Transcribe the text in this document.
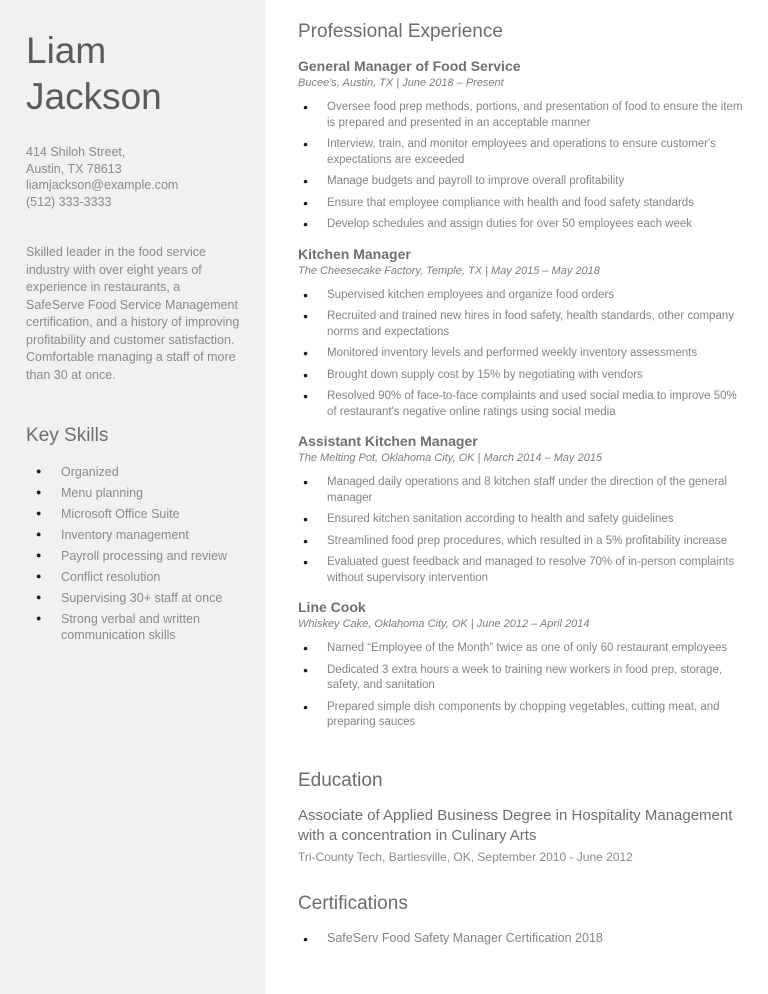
Liam
Jackson
414 Shiloh Street,
Austin, TX 78613
liamjackson@example.com
(512) 333-3333

Skilled leader in the food service industry with over eight years of experience in restaurants, a SafeServe Food Service Management certification, and a history of improving profitability and customer satisfaction. Comfortable managing a staff of more than 30 at once.

Key Skills
● Organized
● Menu planning
● Microsoft Office Suite
● Inventory management
● Payroll processing and review
● Conflict resolution
● Supervising 30+ staff at once
● Strong verbal and written communication skills
Professional Experience
General Manager of Food Service

Bucee's, Austin, TX | June 2018 – Present

● Oversee food prep methods, portions, and presentation of food to ensure the item is prepared and presented in an acceptable manner
● Interview, train, and monitor employees and operations to ensure customer's expectations are exceeded
● Manage budgets and payroll to improve overall profitability
● Ensure that employee compliance with health and food safety standards
● Develop schedules and assign duties for over 50 employees each week
Kitchen Manager

The Cheesecake Factory, Temple, TX | May 2015 – May 2018

● Supervised kitchen employees and organize food orders
● Recruited and trained new hires in food safety, health standards, other company norms and expectations
● Monitored inventory levels and performed weekly inventory assessments
● Brought down supply cost by 15% by negotiating with vendors
● Resolved 90% of face-to-face complaints and used social media to improve 50% of restaurant's negative online ratings using social media
Assistant Kitchen Manager

The Melting Pot, Oklahoma City, OK | March 2014 – May 2015

● Managed daily operations and 8 kitchen staff under the direction of the general manager
● Ensured kitchen sanitation according to health and safety guidelines
● Streamlined food prep procedures, which resulted in a 5% profitability increase
● Evaluated guest feedback and managed to resolve 70% of in-person complaints without supervisory intervention
Line Cook

Whiskey Cake, Oklahoma City, OK | June 2012 – April 2014

● Named “Employee of the Month” twice as one of only 60 restaurant employees
● Dedicated 3 extra hours a week to training new workers in food prep, storage, safety, and sanitation
● Prepared simple dish components by chopping vegetables, cutting meat, and preparing sauces
Education

Associate of Applied Business Degree in Hospitality Management with a concentration in Culinary Arts

Tri-County Tech, Bartlesville, OK, September 2010 - June 2012

Certifications
● SafeServ Food Safety Manager Certification 2018
